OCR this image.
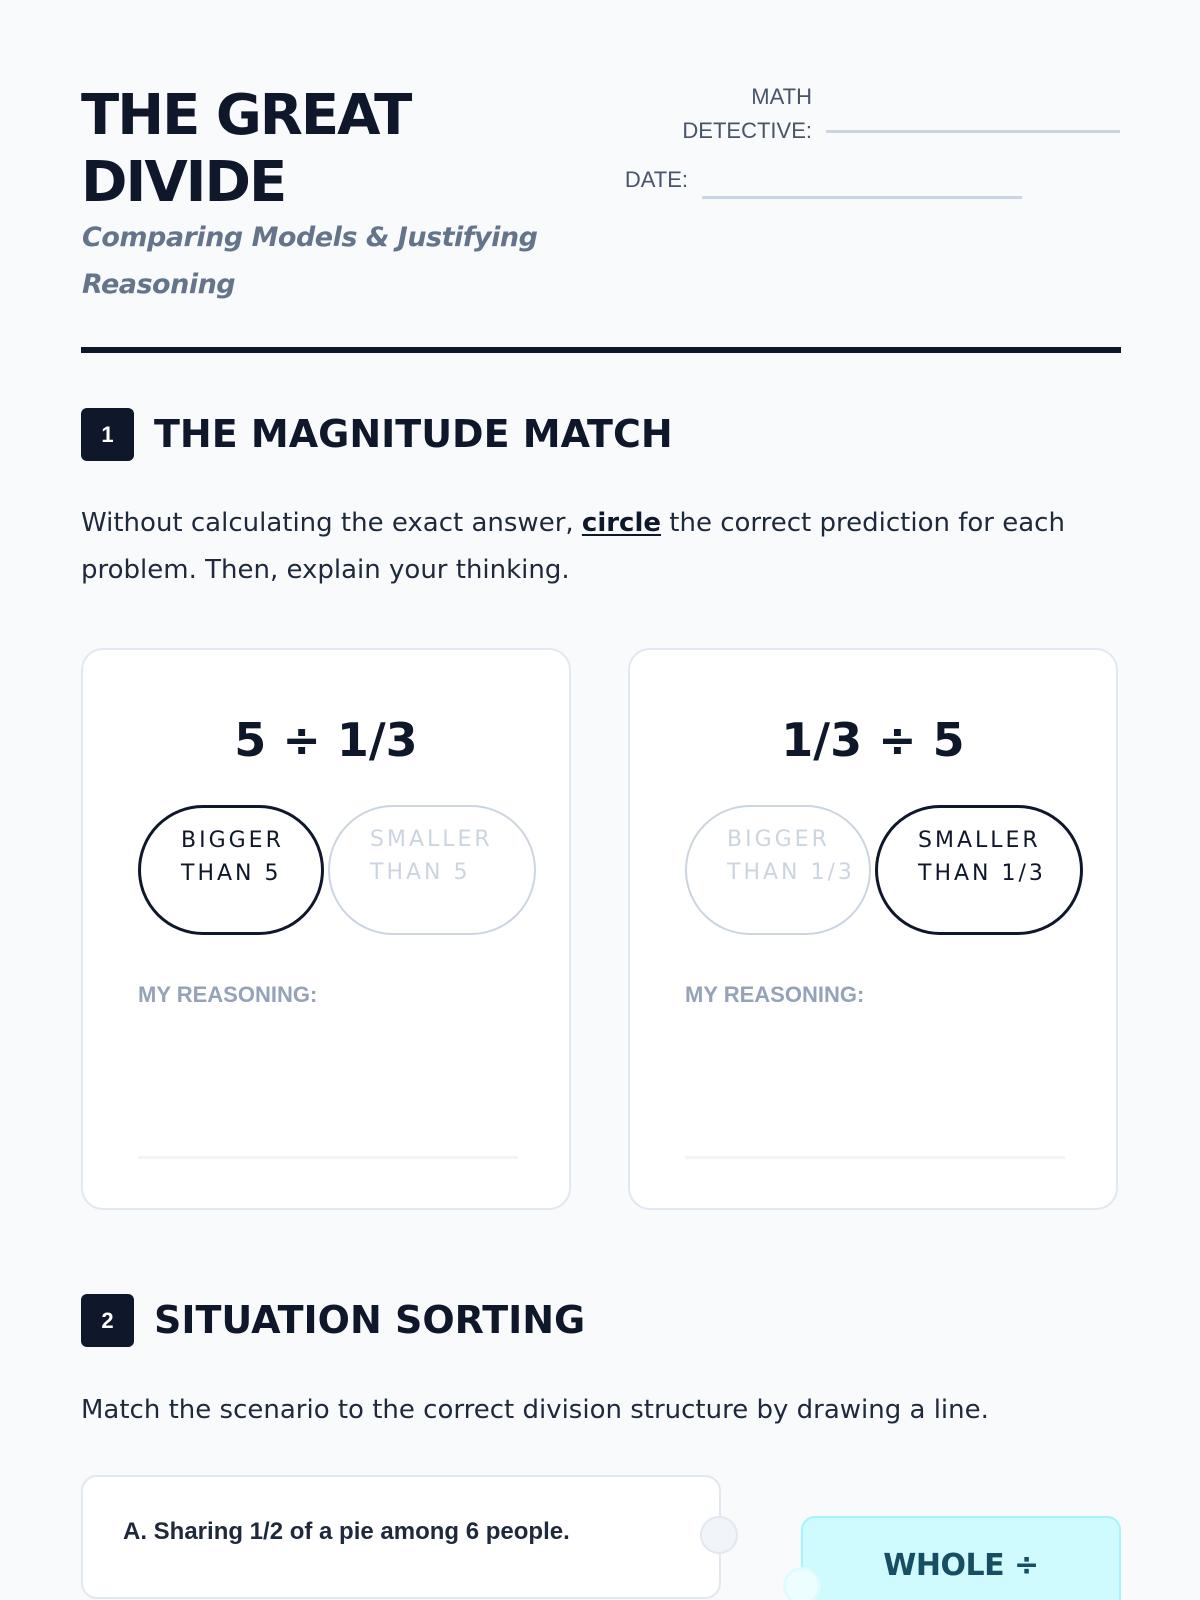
THE GREAT DIVIDE
Comparing Models & Justifying Reasoning
MATH DETECTIVE:
DATE:
1	THE MAGNITUDE MATCH
Without calculating the exact answer, circle the correct prediction for each problem. Then, explain your thinking.
5 ÷ 1/3
BIGGER THAN 5
SMALLER THAN 5
MY REASONING:
1/3 ÷ 5
BIGGER THAN 1/3
SMALLER THAN 1/3
MY REASONING:
2	SITUATION SORTING
Match the scenario to the correct division structure by drawing a line.
A. Sharing 1/2 of a pie among 6 people.
WHOLE ÷
